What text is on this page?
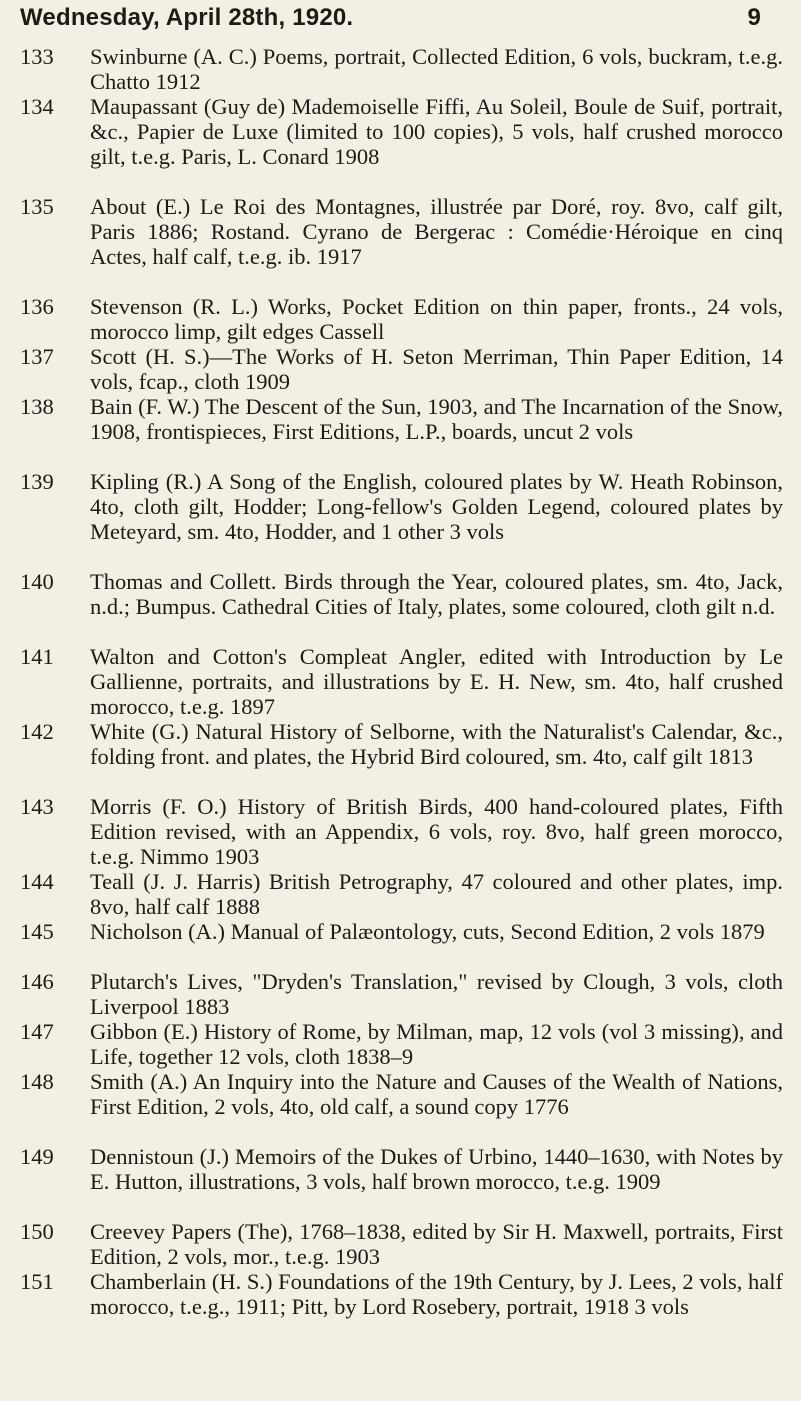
Wednesday, April 28th, 1920.	9
133	Swinburne (A. C.) Poems, portrait, Collected Edition, 6 vols, buckram, t.e.g. Chatto 1912
134	Maupassant (Guy de) Mademoiselle Fiffi, Au Soleil, Boule de Suif, portrait, &c., Papier de Luxe (limited to 100 copies), 5 vols, half crushed morocco gilt, t.e.g. Paris, L. Conard 1908
135	About (E.) Le Roi des Montagnes, illustrée par Doré, roy. 8vo, calf gilt, Paris 1886; Rostand. Cyrano de Bergerac : Comédie·Héroique en cinq Actes, half calf, t.e.g. ib. 1917
136	Stevenson (R. L.) Works, Pocket Edition on thin paper, fronts., 24 vols, morocco limp, gilt edges Cassell
137	Scott (H. S.)—The Works of H. Seton Merriman, Thin Paper Edition, 14 vols, fcap., cloth 1909
138	Bain (F. W.) The Descent of the Sun, 1903, and The Incarnation of the Snow, 1908, frontispieces, First Editions, L.P., boards, uncut 2 vols
139	Kipling (R.) A Song of the English, coloured plates by W. Heath Robinson, 4to, cloth gilt, Hodder; Long-fellow's Golden Legend, coloured plates by Meteyard, sm. 4to, Hodder, and 1 other 3 vols
140	Thomas and Collett. Birds through the Year, coloured plates, sm. 4to, Jack, n.d.; Bumpus. Cathedral Cities of Italy, plates, some coloured, cloth gilt n.d.
141	Walton and Cotton's Compleat Angler, edited with Introduction by Le Gallienne, portraits, and illustrations by E. H. New, sm. 4to, half crushed morocco, t.e.g. 1897
142	White (G.) Natural History of Selborne, with the Naturalist's Calendar, &c., folding front. and plates, the Hybrid Bird coloured, sm. 4to, calf gilt 1813
143	Morris (F. O.) History of British Birds, 400 hand-coloured plates, Fifth Edition revised, with an Appendix, 6 vols, roy. 8vo, half green morocco, t.e.g. Nimmo 1903
144	Teall (J. J. Harris) British Petrography, 47 coloured and other plates, imp. 8vo, half calf 1888
145	Nicholson (A.) Manual of Palæontology, cuts, Second Edition, 2 vols 1879
146	Plutarch's Lives, "Dryden's Translation," revised by Clough, 3 vols, cloth Liverpool 1883
147	Gibbon (E.) History of Rome, by Milman, map, 12 vols (vol 3 missing), and Life, together 12 vols, cloth 1838–9
148	Smith (A.) An Inquiry into the Nature and Causes of the Wealth of Nations, First Edition, 2 vols, 4to, old calf, a sound copy 1776
149	Dennistoun (J.) Memoirs of the Dukes of Urbino, 1440–1630, with Notes by E. Hutton, illustrations, 3 vols, half brown morocco, t.e.g. 1909
150	Creevey Papers (The), 1768–1838, edited by Sir H. Maxwell, portraits, First Edition, 2 vols, mor., t.e.g. 1903
151	Chamberlain (H. S.) Foundations of the 19th Century, by J. Lees, 2 vols, half morocco, t.e.g., 1911; Pitt, by Lord Rosebery, portrait, 1918 3 vols
